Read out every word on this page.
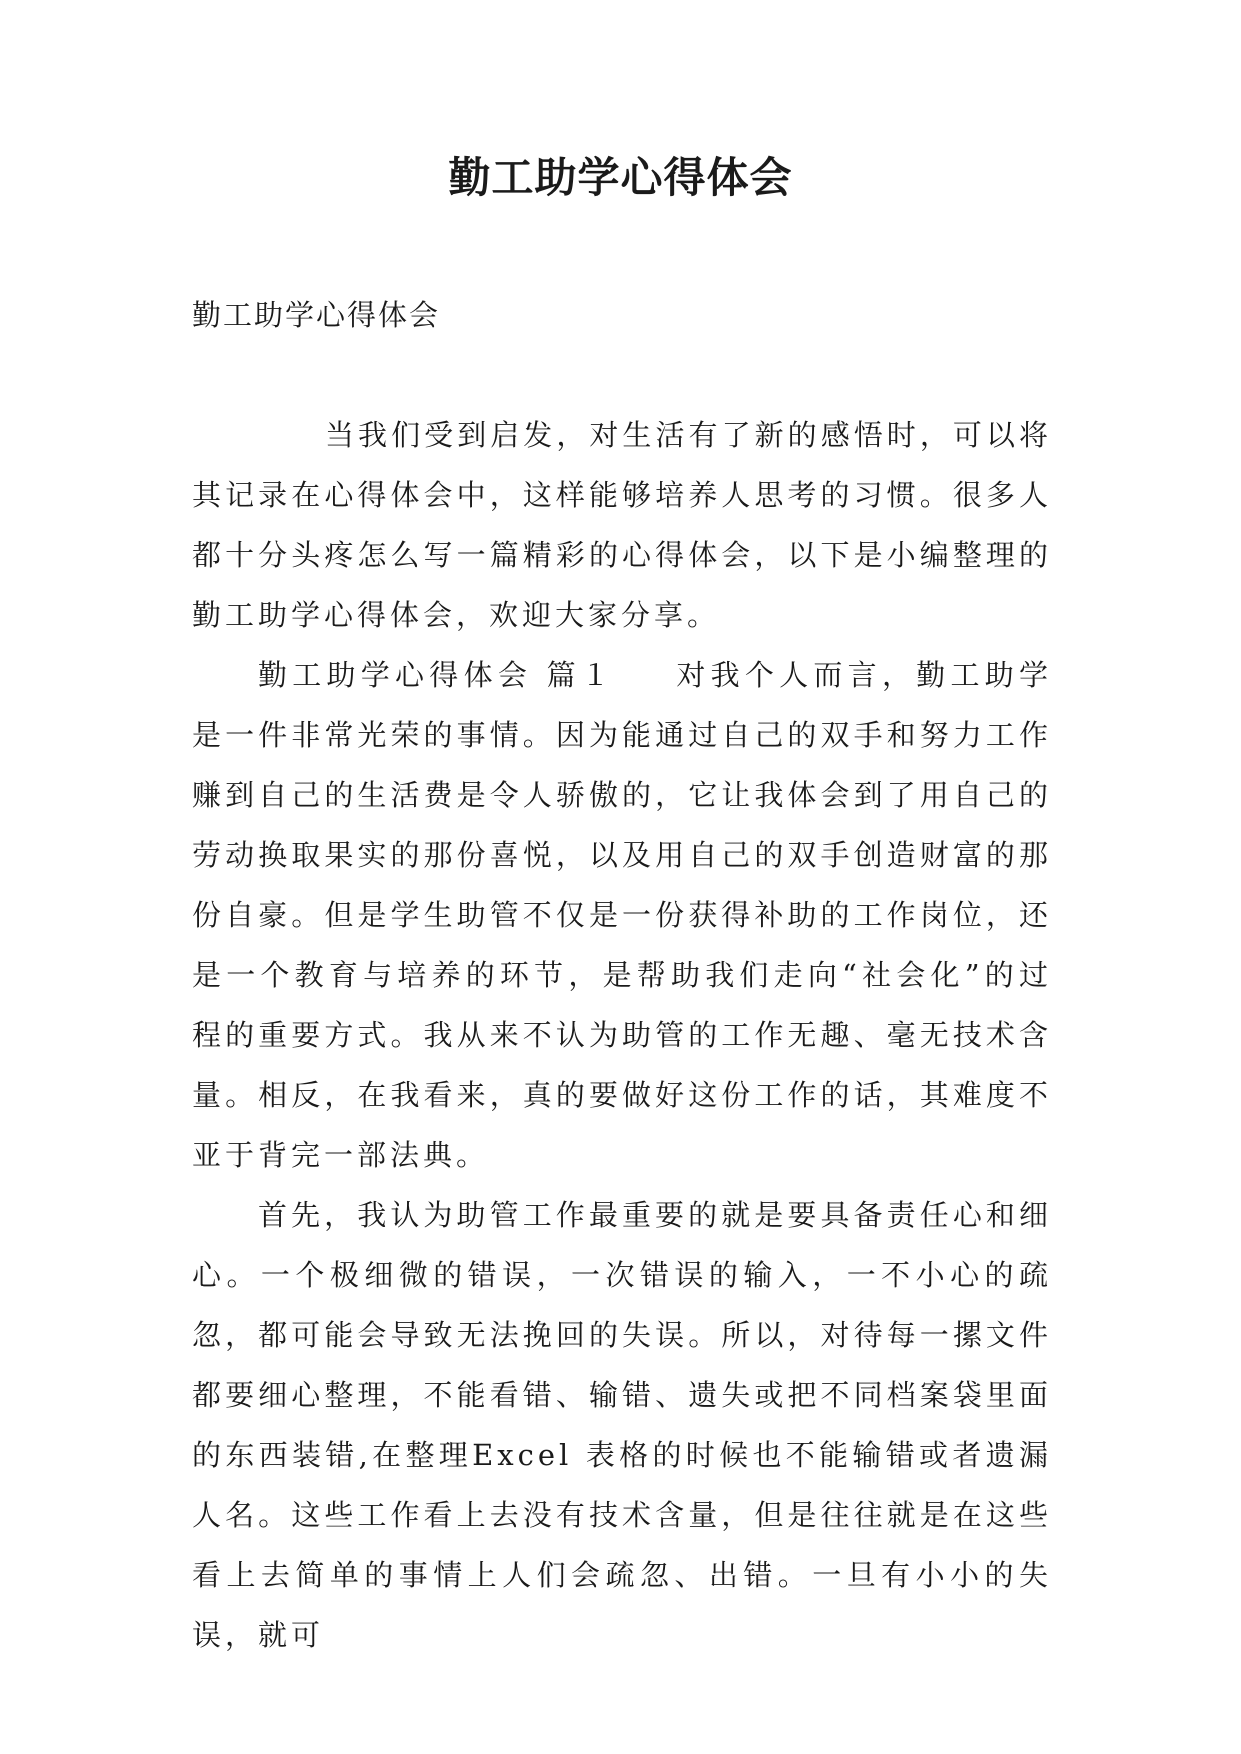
勤工助学心得体会
勤工助学心得体会

当我们受到启发，对生活有了新的感悟时，可以将其记录在心得体会中，这样能够培养人思考的习惯。很多人都十分头疼怎么写一篇精彩的心得体会，以下是小编整理的勤工助学心得体会，欢迎大家分享。

勤工助学心得体会 篇１ 对我个人而言，勤工助学是一件非常光荣的事情。因为能通过自己的双手和努力工作赚到自己的生活费是令人骄傲的，它让我体会到了用自己的劳动换取果实的那份喜悦，以及用自己的双手创造财富的那份自豪。但是学生助管不仅是一份获得补助的工作岗位，还是一个教育与培养的环节，是帮助我们走向“社会化”的过程的重要方式。我从来不认为助管的工作无趣、毫无技术含量。相反，在我看来，真的要做好这份工作的话，其难度不亚于背完一部法典。

首先，我认为助管工作最重要的就是要具备责任心和细心。一个极细微的错误，一次错误的输入，一不小心的疏忽，都可能会导致无法挽回的失误。所以，对待每一摞文件都要细心整理，不能看错、输错、遗失或把不同档案袋里面的东西装错,在整理Excel 表格的时候也不能输错或者遗漏人名。这些工作看上去没有技术含量，但是往往就是在这些看上去简单的事情上人们会疏忽、出错。一旦有小小的失误，就可
